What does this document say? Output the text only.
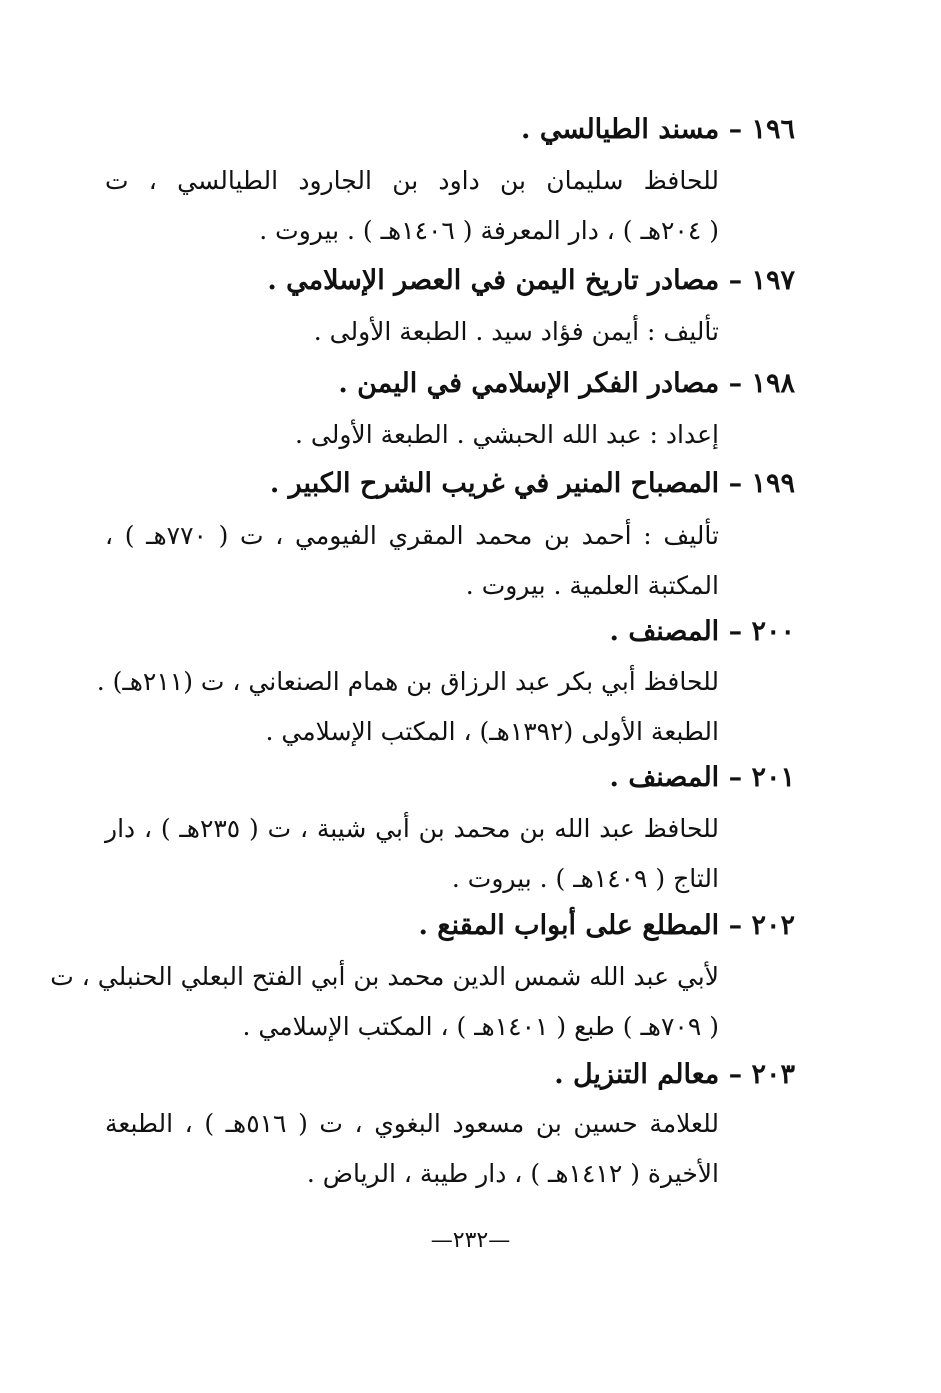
١٩٦ – مسند الطيالسي .
للحافظ سليمان بن داود بن الجارود الطيالسي ، ت
( ٢٠٤هـ ) ، دار المعرفة ( ١٤٠٦هـ ) . بيروت .
١٩٧ – مصادر تاريخ اليمن في العصر الإسلامي .
تأليف : أيمن فؤاد سيد . الطبعة الأولى .
١٩٨ – مصادر الفكر الإسلامي في اليمن .
إعداد : عبد الله الحبشي . الطبعة الأولى .
١٩٩ – المصباح المنير في غريب الشرح الكبير .
تأليف : أحمد بن محمد المقري الفيومي ، ت ( ٧٧٠هـ ) ،
المكتبة العلمية . بيروت .
٢٠٠ – المصنف .
للحافظ أبي بكر عبد الرزاق بن همام الصنعاني ، ت (٢١١هـ) .
الطبعة الأولى (١٣٩٢هـ) ، المكتب الإسلامي .
٢٠١ – المصنف .
للحافظ عبد الله بن محمد بن أبي شيبة ، ت ( ٢٣٥هـ ) ، دار
التاج ( ١٤٠٩هـ ) . بيروت .
٢٠٢ – المطلع على أبواب المقنع .
لأبي عبد الله شمس الدين محمد بن أبي الفتح البعلي الحنبلي ، ت
( ٧٠٩هـ ) طبع ( ١٤٠١هـ ) ، المكتب الإسلامي .
٢٠٣ – معالم التنزيل .
للعلامة حسين بن مسعود البغوي ، ت ( ٥١٦هـ ) ، الطبعة
الأخيرة ( ١٤١٢هـ ) ، دار طيبة ، الرياض .
—٢٣٢—
